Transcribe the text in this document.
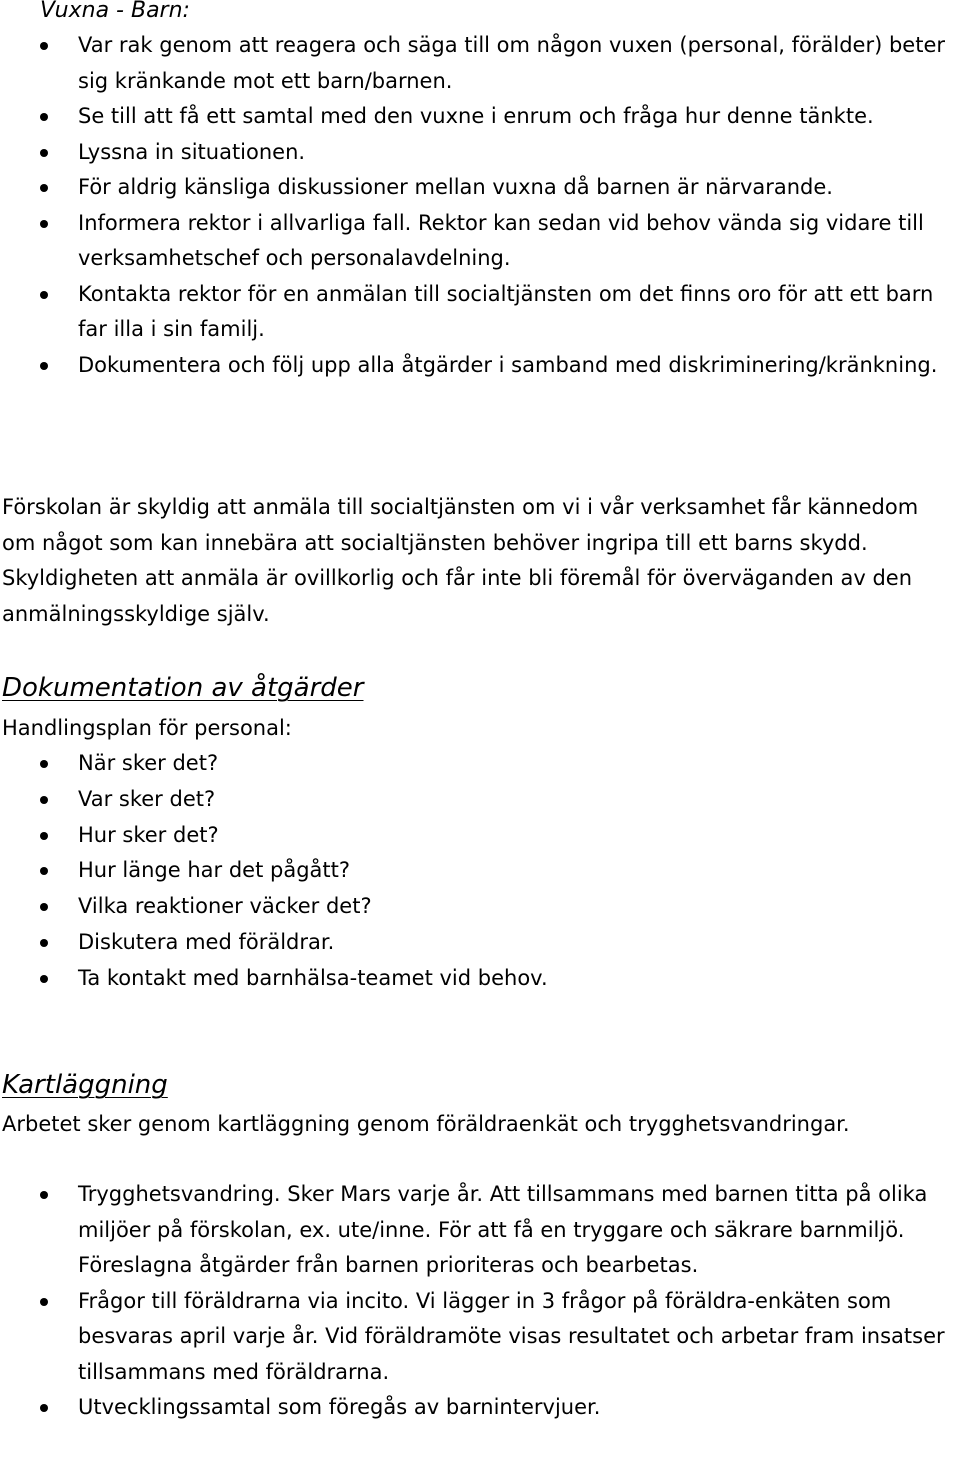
Vuxna - Barn:
Var rak genom att reagera och säga till om någon vuxen (personal, förälder) beter sig kränkande mot ett barn/barnen.
Se till att få ett samtal med den vuxne i enrum och fråga hur denne tänkte.
Lyssna in situationen.
För aldrig känsliga diskussioner mellan vuxna då barnen är närvarande.
Informera rektor i allvarliga fall. Rektor kan sedan vid behov vända sig vidare till verksamhetschef och personalavdelning.
Kontakta rektor för en anmälan till socialtjänsten om det finns oro för att ett barn far illa i sin familj.
Dokumentera och följ upp alla åtgärder i samband med diskriminering/kränkning.

Förskolan är skyldig att anmäla till socialtjänsten om vi i vår verksamhet får kännedom om något som kan innebära att socialtjänsten behöver ingripa till ett barns skydd. Skyldigheten att anmäla är ovillkorlig och får inte bli föremål för överväganden av den anmälningsskyldige själv.

Dokumentation av åtgärder
Handlingsplan för personal:
När sker det?
Var sker det?
Hur sker det?
Hur länge har det pågått?
Vilka reaktioner väcker det?
Diskutera med föräldrar.
Ta kontakt med barnhälsa-teamet vid behov.
Kartläggning
Arbetet sker genom kartläggning genom föräldraenkät och trygghetsvandringar.
Trygghetsvandring. Sker Mars varje år. Att tillsammans med barnen titta på olika miljöer på förskolan, ex. ute/inne. För att få en tryggare och säkrare barnmiljö. Föreslagna åtgärder från barnen prioriteras och bearbetas.
Frågor till föräldrarna via incito. Vi lägger in 3 frågor på föräldra-enkäten som besvaras april varje år. Vid föräldramöte visas resultatet och arbetar fram insatser tillsammans med föräldrarna.
Utvecklingssamtal som föregås av barnintervjuer.
